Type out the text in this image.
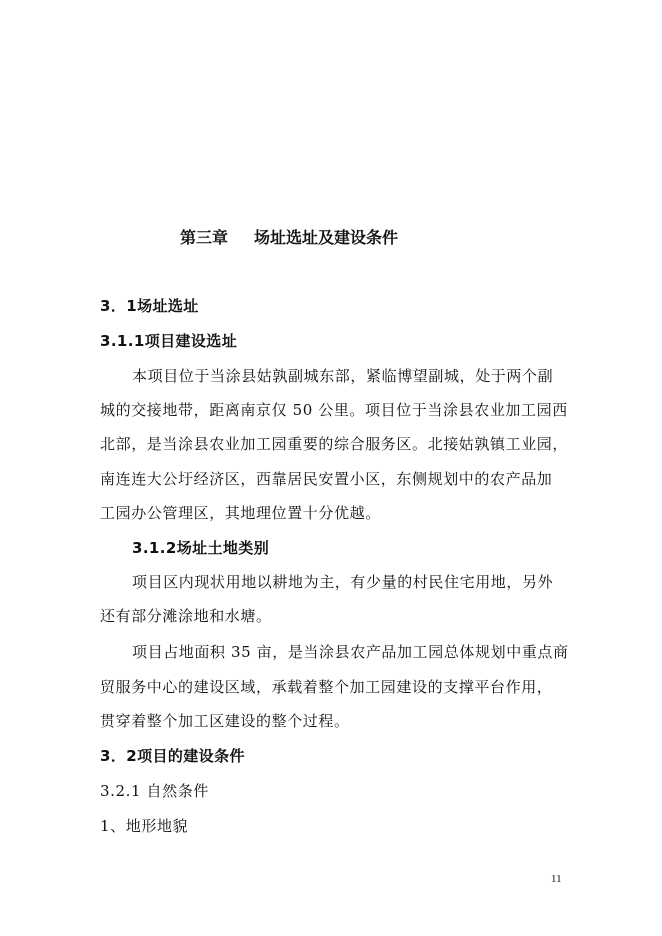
第三章 场址选址及建设条件
3．1场址选址
3.1.1项目建设选址
本项目位于当涂县姑孰副城东部，紧临博望副城，处于两个副
城的交接地带，距离南京仅 50 公里。项目位于当涂县农业加工园西
北部，是当涂县农业加工园重要的综合服务区。北接姑孰镇工业园，
南连连大公圩经济区，西靠居民安置小区，东侧规划中的农产品加
工园办公管理区，其地理位置十分优越。
3.1.2场址土地类别
项目区内现状用地以耕地为主，有少量的村民住宅用地，另外
还有部分滩涂地和水塘。
项目占地面积 35 亩，是当涂县农产品加工园总体规划中重点商
贸服务中心的建设区域，承载着整个加工园建设的支撑平台作用，
贯穿着整个加工区建设的整个过程。
3．2项目的建设条件
3.2.1 自然条件
1、地形地貌
11
